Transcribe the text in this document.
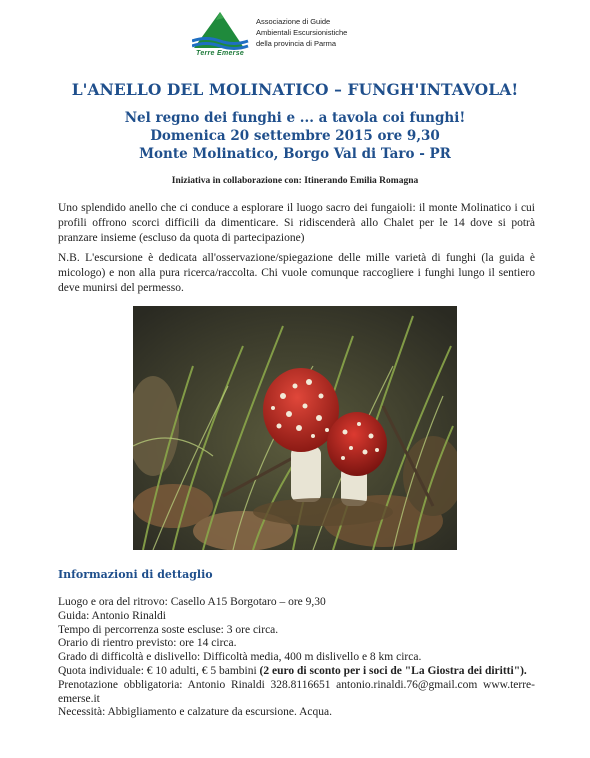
Associazione di Guide
Ambientali Escursionistiche
della provincia di Parma
Terre Emerse
L'ANELLO DEL MOLINATICO – FUNGH'INTAVOLA!
Nel regno dei funghi e ... a tavola coi funghi!
Domenica 20 settembre 2015 ore 9,30
Monte Molinatico, Borgo Val di Taro - PR
Iniziativa in collaborazione con: Itinerando Emilia Romagna

Uno splendido anello che ci conduce a esplorare il luogo sacro dei fungaioli: il monte Molinatico i cui profili offrono scorci difficili da dimenticare. Si ridiscenderà allo Chalet per le 14 dove si potrà pranzare insieme (escluso da quota di partecipazione)

N.B. L'escursione è dedicata all'osservazione/spiegazione delle mille varietà di funghi (la guida è micologo) e non alla pura ricerca/raccolta. Chi vuole comunque raccogliere i funghi lungo il sentiero deve munirsi del permesso.

Informazioni di dettaglio
Luogo e ora del ritrovo: Casello A15 Borgotaro – ore 9,30
Guida: Antonio Rinaldi
Tempo di percorrenza soste escluse: 3 ore circa.
Orario di rientro previsto: ore 14 circa.
Grado di difficoltà e dislivello: Difficoltà media, 400 m dislivello e 8 km circa.
Quota individuale: € 10 adulti, € 5 bambini (2 euro di sconto per i soci de "La Giostra dei diritti").
Prenotazione obbligatoria: Antonio Rinaldi 328.8116651 antonio.rinaldi.76@gmail.com www.terre-emerse.it
Necessità: Abbigliamento e calzature da escursione. Acqua.
